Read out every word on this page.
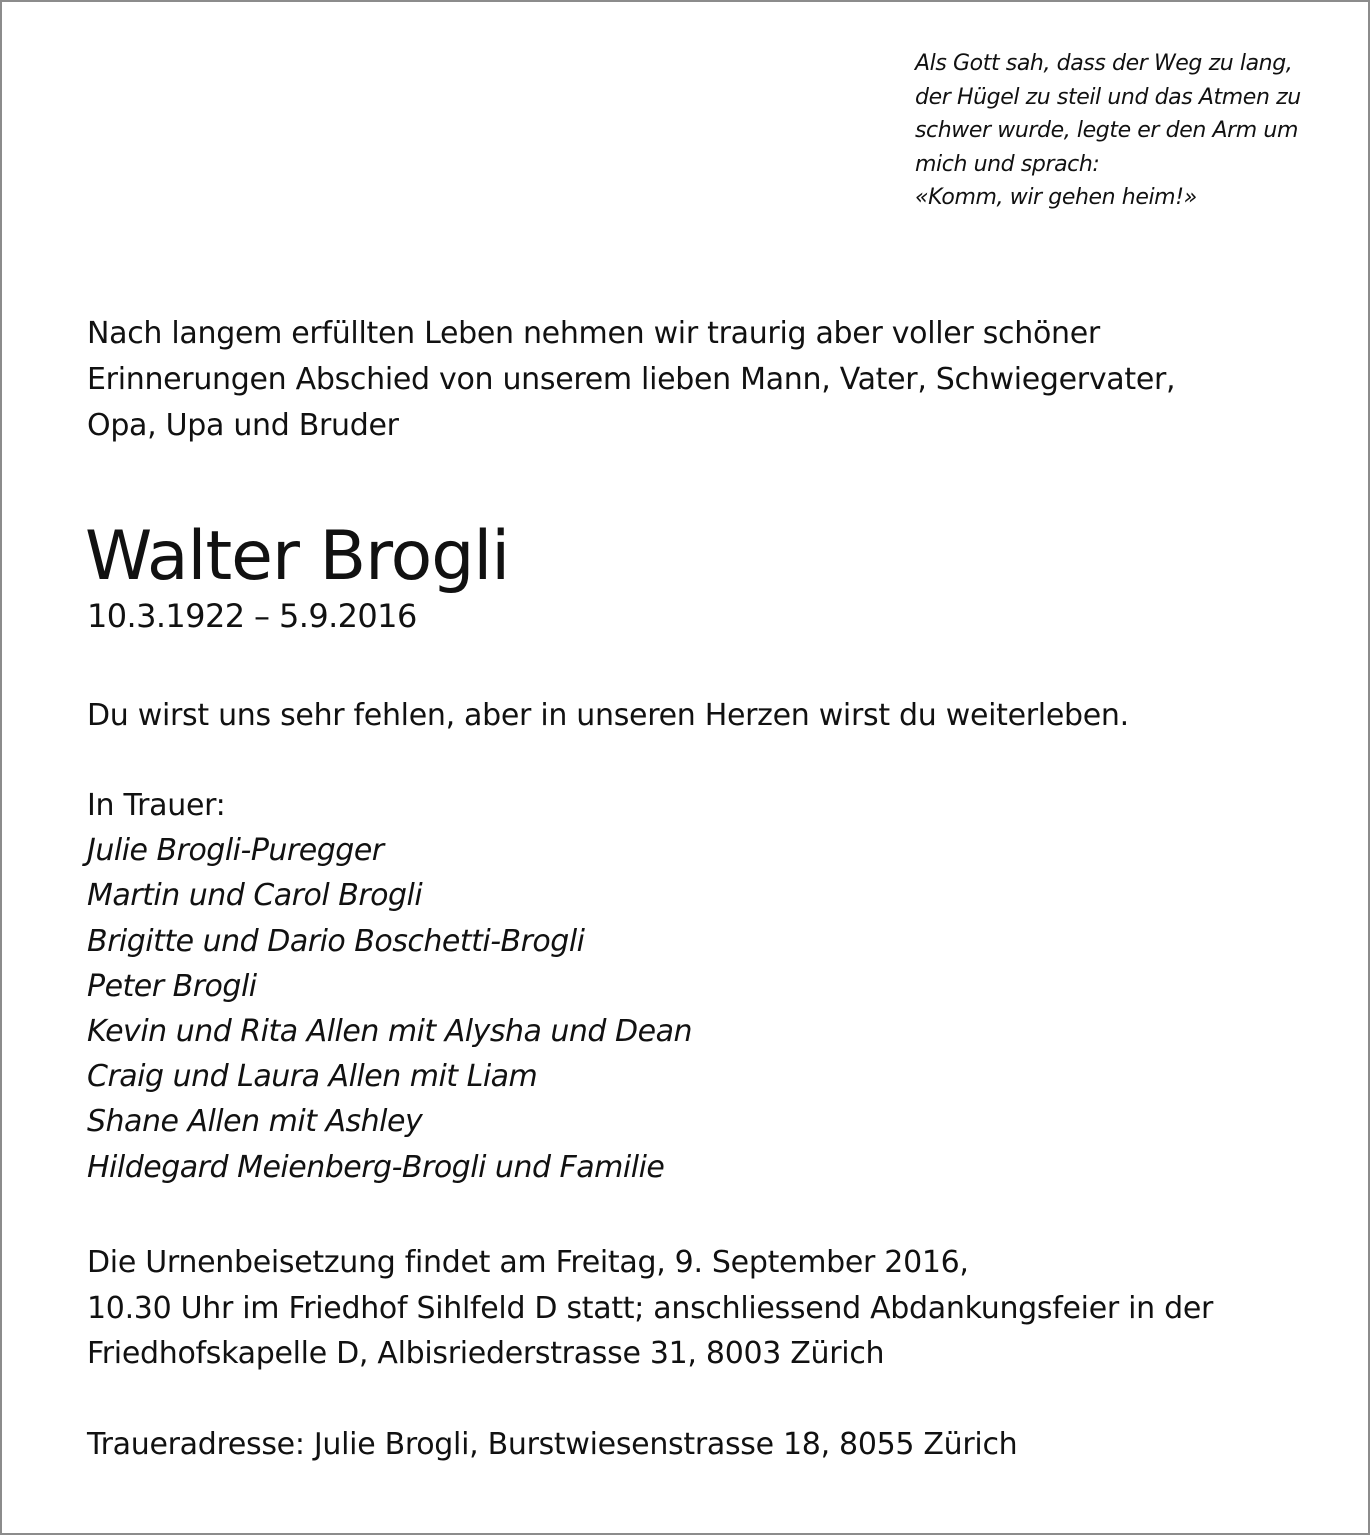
Als Gott sah, dass der Weg zu lang,
der Hügel zu steil und das Atmen zu
schwer wurde, legte er den Arm um
mich und sprach:
«Komm, wir gehen heim!»
Nach langem erfüllten Leben nehmen wir traurig aber voller schöner
Erinnerungen Abschied von unserem lieben Mann, Vater, Schwiegervater,
Opa, Upa und Bruder
Walter Brogli
10.3.1922 – 5.9.2016
Du wirst uns sehr fehlen, aber in unseren Herzen wirst du weiterleben.
In Trauer:
Julie Brogli-Puregger
Martin und Carol Brogli
Brigitte und Dario Boschetti-Brogli
Peter Brogli
Kevin und Rita Allen mit Alysha und Dean
Craig und Laura Allen mit Liam
Shane Allen mit Ashley
Hildegard Meienberg-Brogli und Familie
Die Urnenbeisetzung findet am Freitag, 9. September 2016,
10.30 Uhr im Friedhof Sihlfeld D statt; anschliessend Abdankungsfeier in der
Friedhofskapelle D, Albisriederstrasse 31, 8003 Zürich
Traueradresse: Julie Brogli, Burstwiesenstrasse 18, 8055 Zürich
